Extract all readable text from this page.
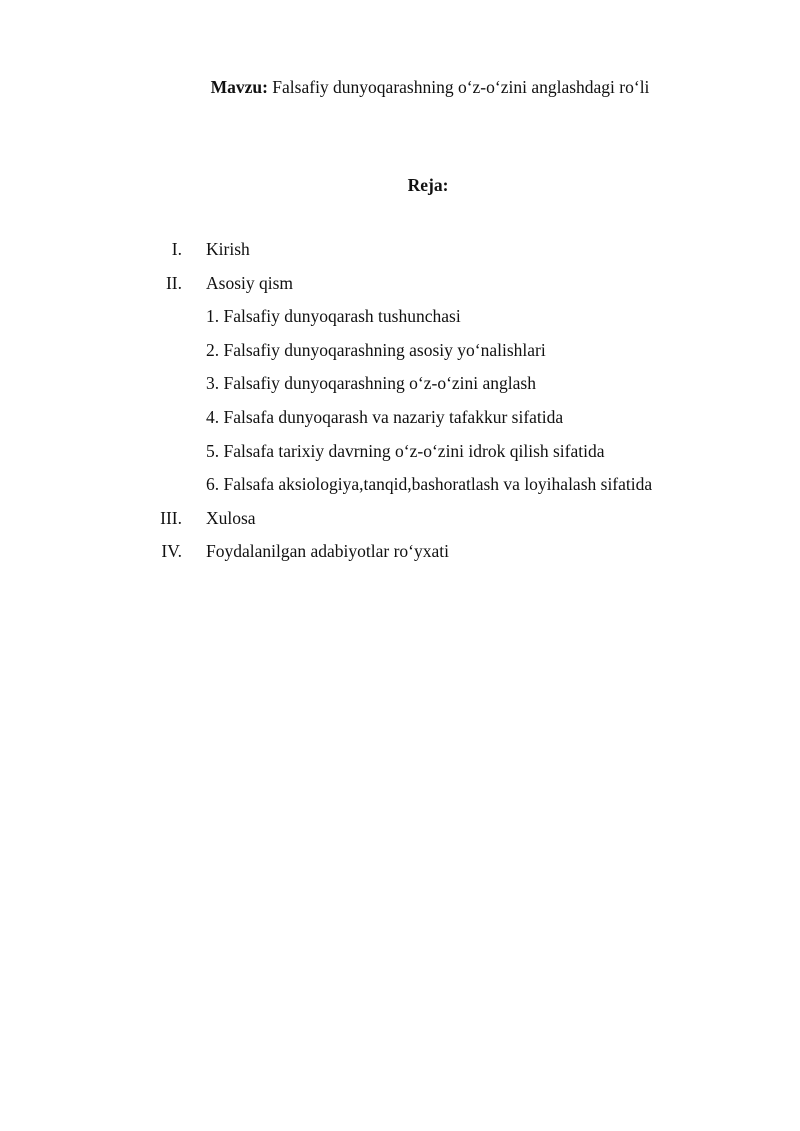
Mavzu: Falsafiy dunyoqarashning o‘z-o‘zini anglashdagi ro‘li
Reja:
I. Kirish
II. Asosiy qism
1. Falsafiy dunyoqarash tushunchasi
2. Falsafiy dunyoqarashning asosiy yo‘nalishlari
3. Falsafiy dunyoqarashning o‘z-o‘zini anglash
4. Falsafa dunyoqarash va nazariy tafakkur sifatida
5. Falsafa tarixiy davrning o‘z-o‘zini idrok qilish sifatida
6. Falsafa aksiologiya,tanqid,bashoratlash va loyihalash sifatida
III. Xulosa
IV. Foydalanilgan adabiyotlar ro‘yxati
